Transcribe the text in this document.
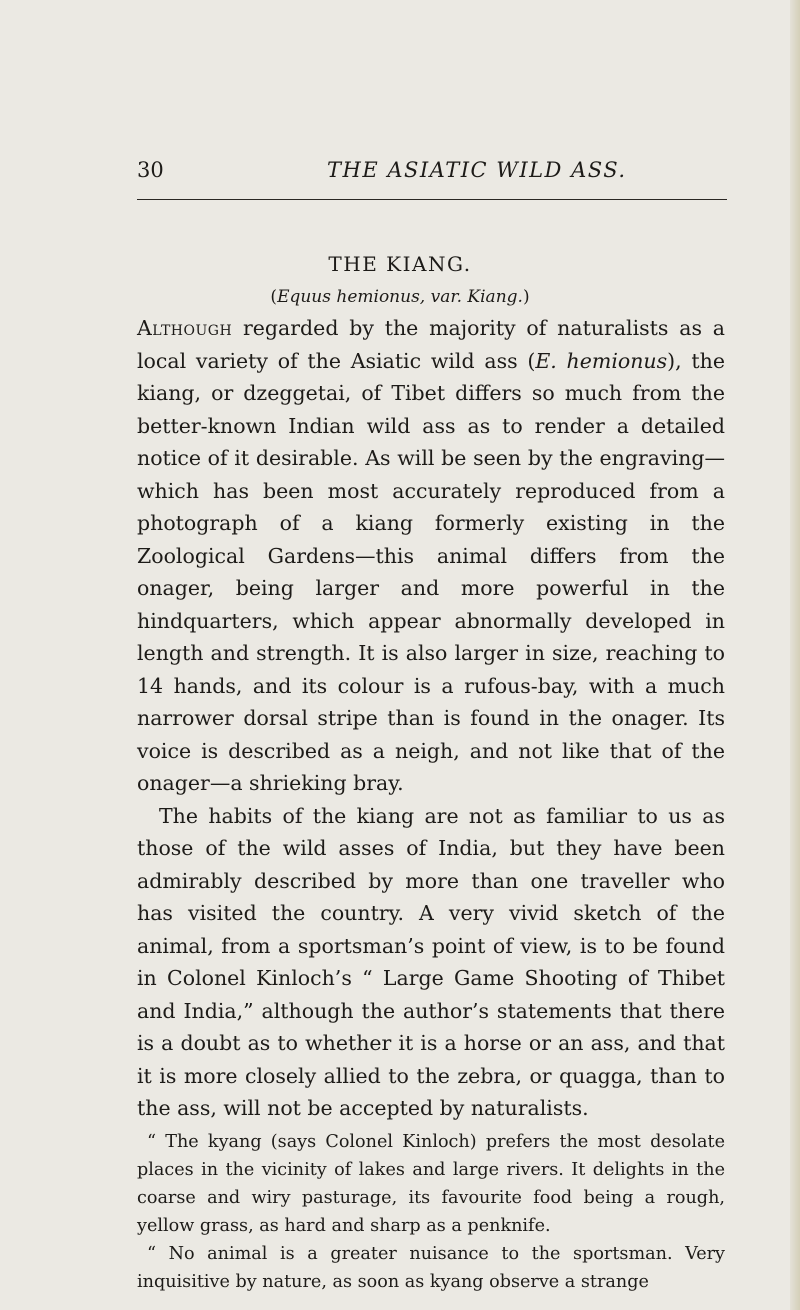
30	THE ASIATIC WILD ASS.
THE KIANG.
(Equus hemionus, var. Kiang.)

Although regarded by the majority of naturalists as a local variety of the Asiatic wild ass (E. hemionus), the kiang, or dzeggetai, of Tibet differs so much from the better-known Indian wild ass as to render a detailed notice of it desirable. As will be seen by the engraving—which has been most accurately reproduced from a photograph of a kiang formerly existing in the Zoological Gardens—this animal differs from the onager, being larger and more powerful in the hindquarters, which appear abnormally developed in length and strength. It is also larger in size, reaching to 14 hands, and its colour is a rufous-bay, with a much narrower dorsal stripe than is found in the onager. Its voice is described as a neigh, and not like that of the onager—a shrieking bray.

The habits of the kiang are not as familiar to us as those of the wild asses of India, but they have been admirably described by more than one traveller who has visited the country. A very vivid sketch of the animal, from a sportsman’s point of view, is to be found in Colonel Kinloch’s “ Large Game Shooting of Thibet and India,” although the author’s statements that there is a doubt as to whether it is a horse or an ass, and that it is more closely allied to the zebra, or quagga, than to the ass, will not be accepted by naturalists.

“ The kyang (says Colonel Kinloch) prefers the most desolate places in the vicinity of lakes and large rivers. It delights in the coarse and wiry pasturage, its favourite food being a rough, yellow grass, as hard and sharp as a penknife.

“ No animal is a greater nuisance to the sportsman. Very inquisitive by nature, as soon as kyang observe a strange
